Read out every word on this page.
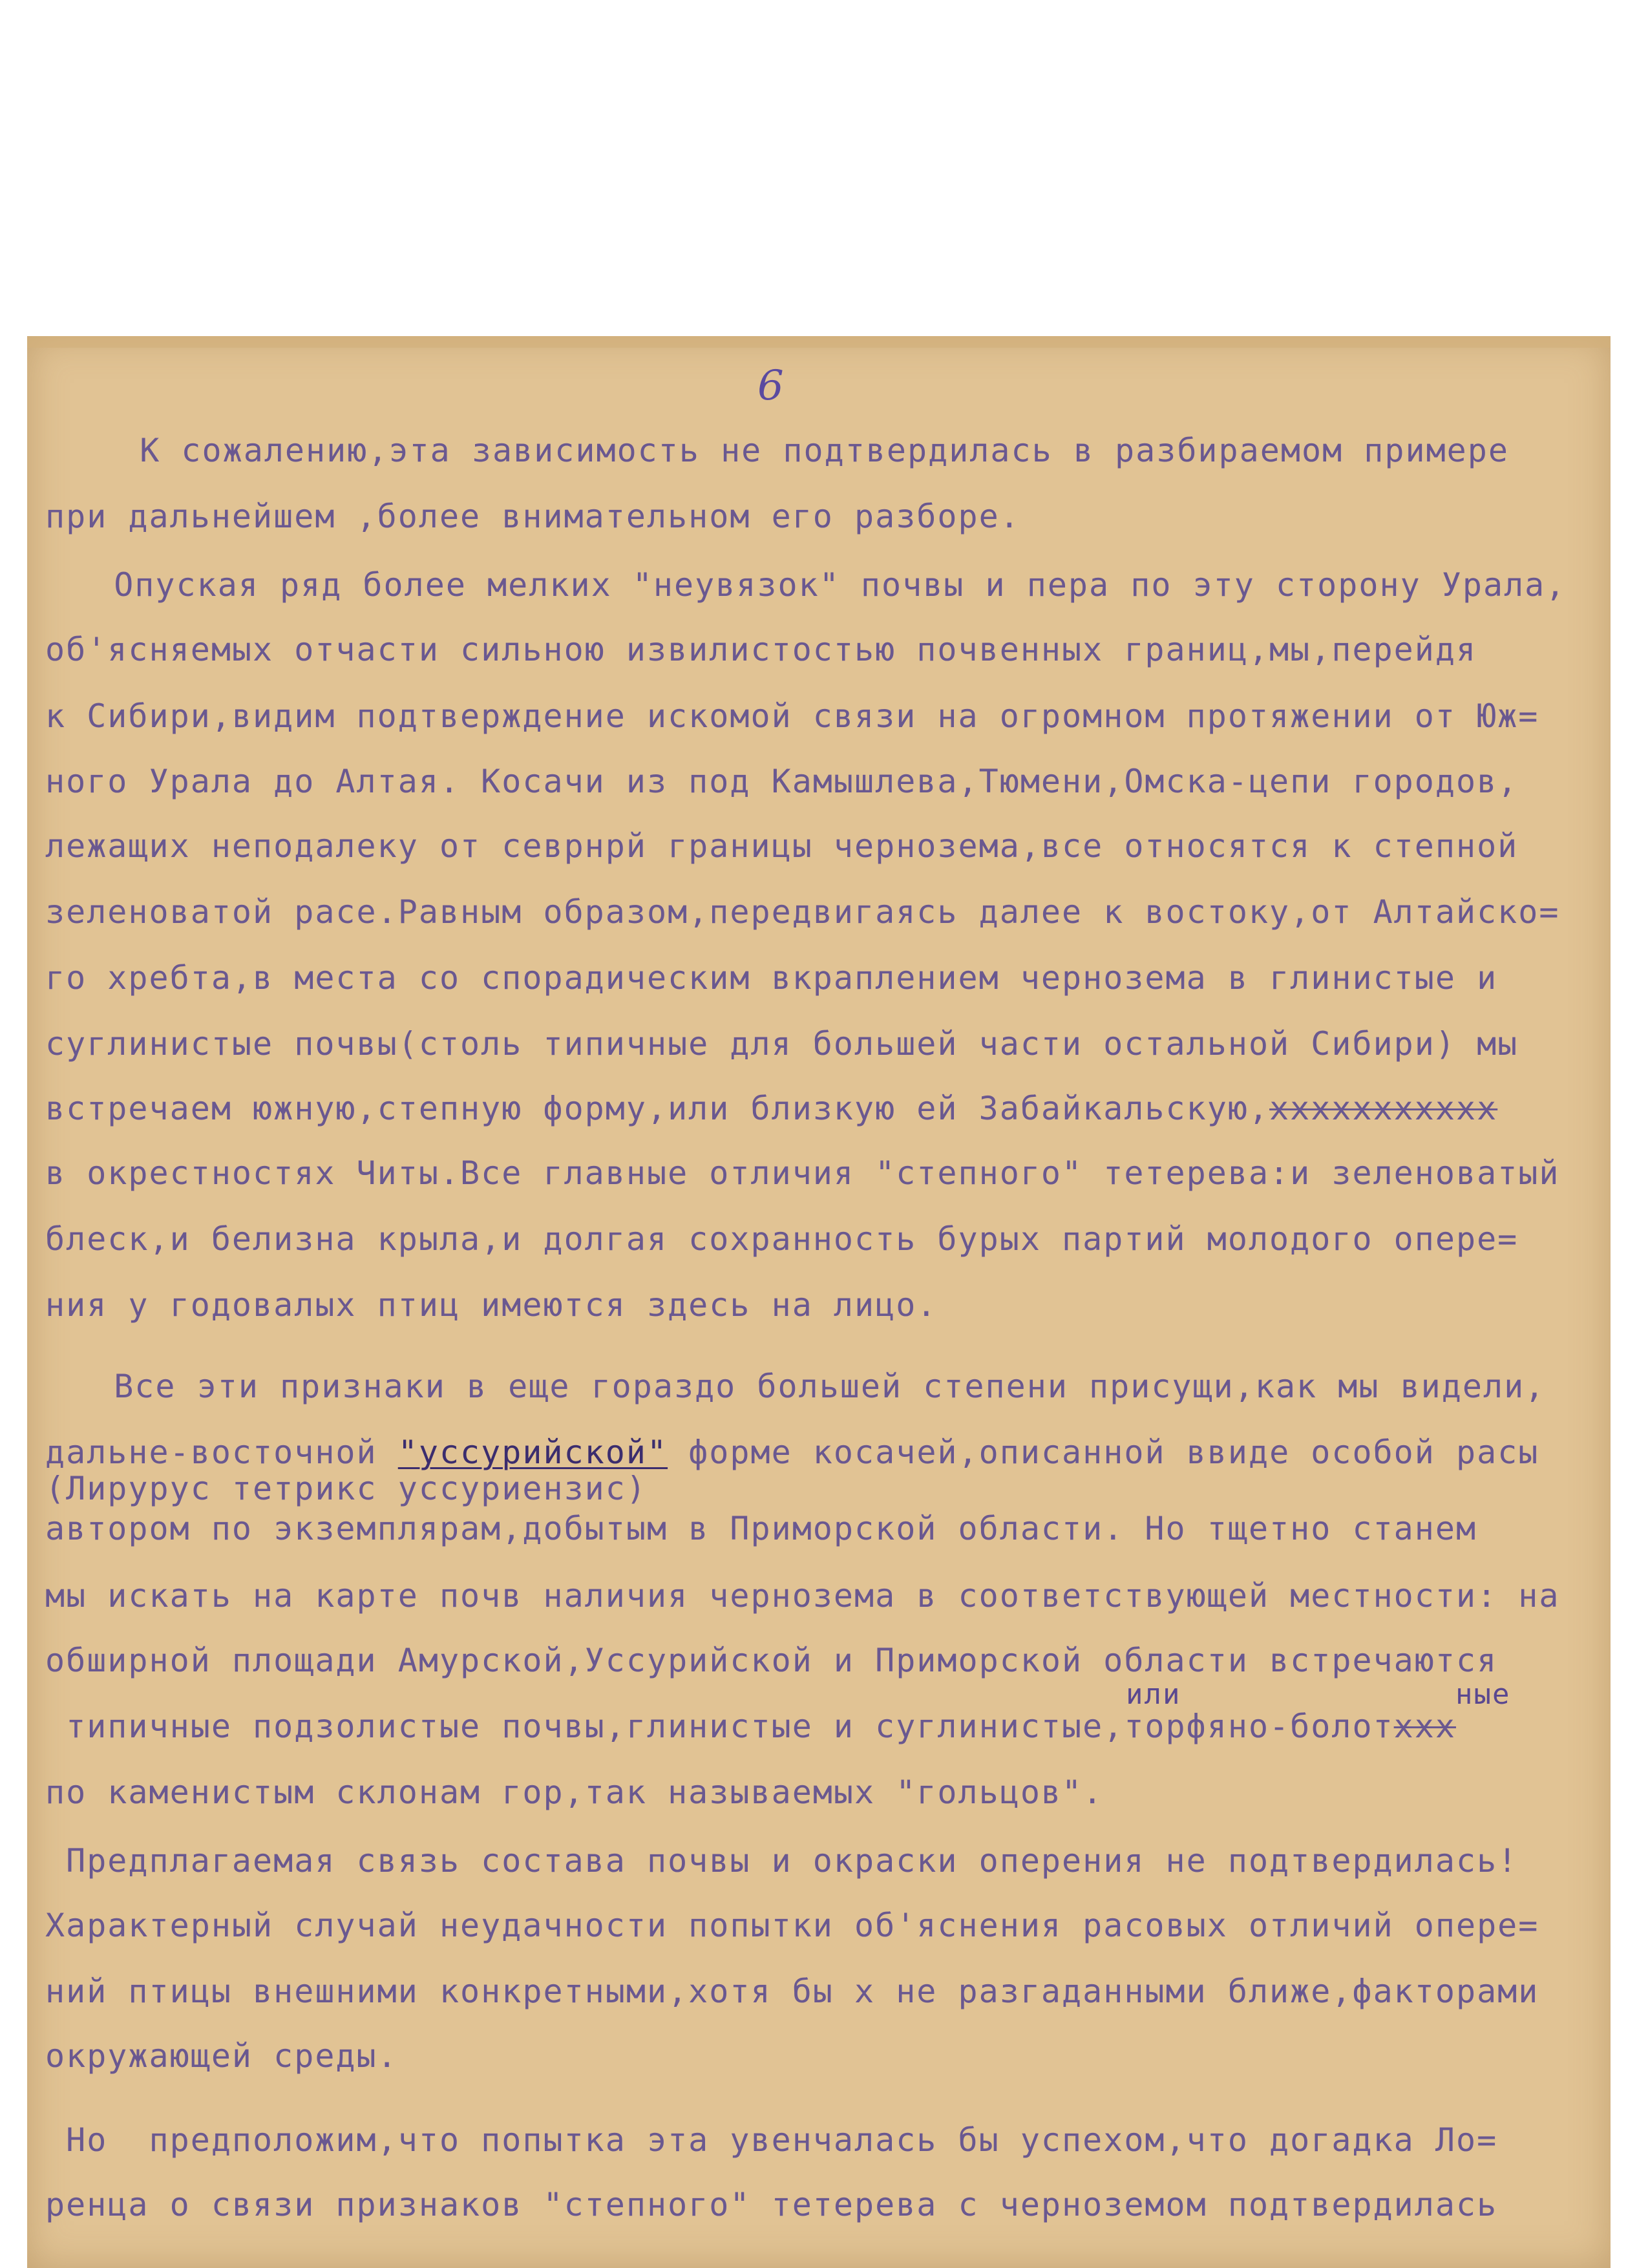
6
К сожалению,эта зависимость не подтвердилась в разбираемом примере
при дальнейшем ,более внимательном его разборе.
Опуская ряд более мелких "неувязок" почвы и пера по эту сторону Урала,
об'ясняемых отчасти сильною извилистостью почвенных границ,мы,перейдя
к Сибири,видим подтверждение искомой связи на огромном протяжении от Юж=
ного Урала до Алтая. Косачи из под Камышлева,Тюмени,Омска-цепи городов,
лежащих неподалеку от севрнрй границы чернозема,все относятся к степной
зеленоватой расе.Равным образом,передвигаясь далее к востоку,от Алтайско=
го хребта,в места со спорадическим вкраплением чернозема в глинистые и
суглинистые почвы(столь типичные для большей части остальной Сибири) мы
встречаем южную,степную форму,или близкую ей Забайкальскую,xxxxxxxxxxx
в окрестностях Читы.Все главные отличия "степного" тетерева:и зеленоватый
блеск,и белизна крыла,и долгая сохранность бурых партий молодого опере=
ния у годовалых птиц имеются здесь на лицо.
Все эти признаки в еще гораздо большей степени присущи,как мы видели,
дальне-восточной "уссурийской" форме косачей,описанной ввиде особой расы
(Лирурус тетрикс уссуриензис)
автором по экземплярам,добытым в Приморской области. Но тщетно станем
мы искать на карте почв наличия чернозема в соответствующей местности: на
обширной площади Амурской,Уссурийской и Приморской области встречаются
или	ные
типичные подзолистые почвы,глинистые и суглинистые,торфяно-болотxxx
по каменистым склонам гор,так называемых "гольцов".
Предплагаемая связь состава почвы и окраски оперения не подтвердилась!
Характерный случай неудачности попытки об'яснения расовых отличий опере=
ний птицы внешними конкретными,хотя бы х не разгаданными ближе,факторами
окружающей среды.
Но  предположим,что попытка эта увенчалась бы успехом,что догадка Ло=
ренца о связи признаков "степного" тетерева с черноземом подтвердилась
